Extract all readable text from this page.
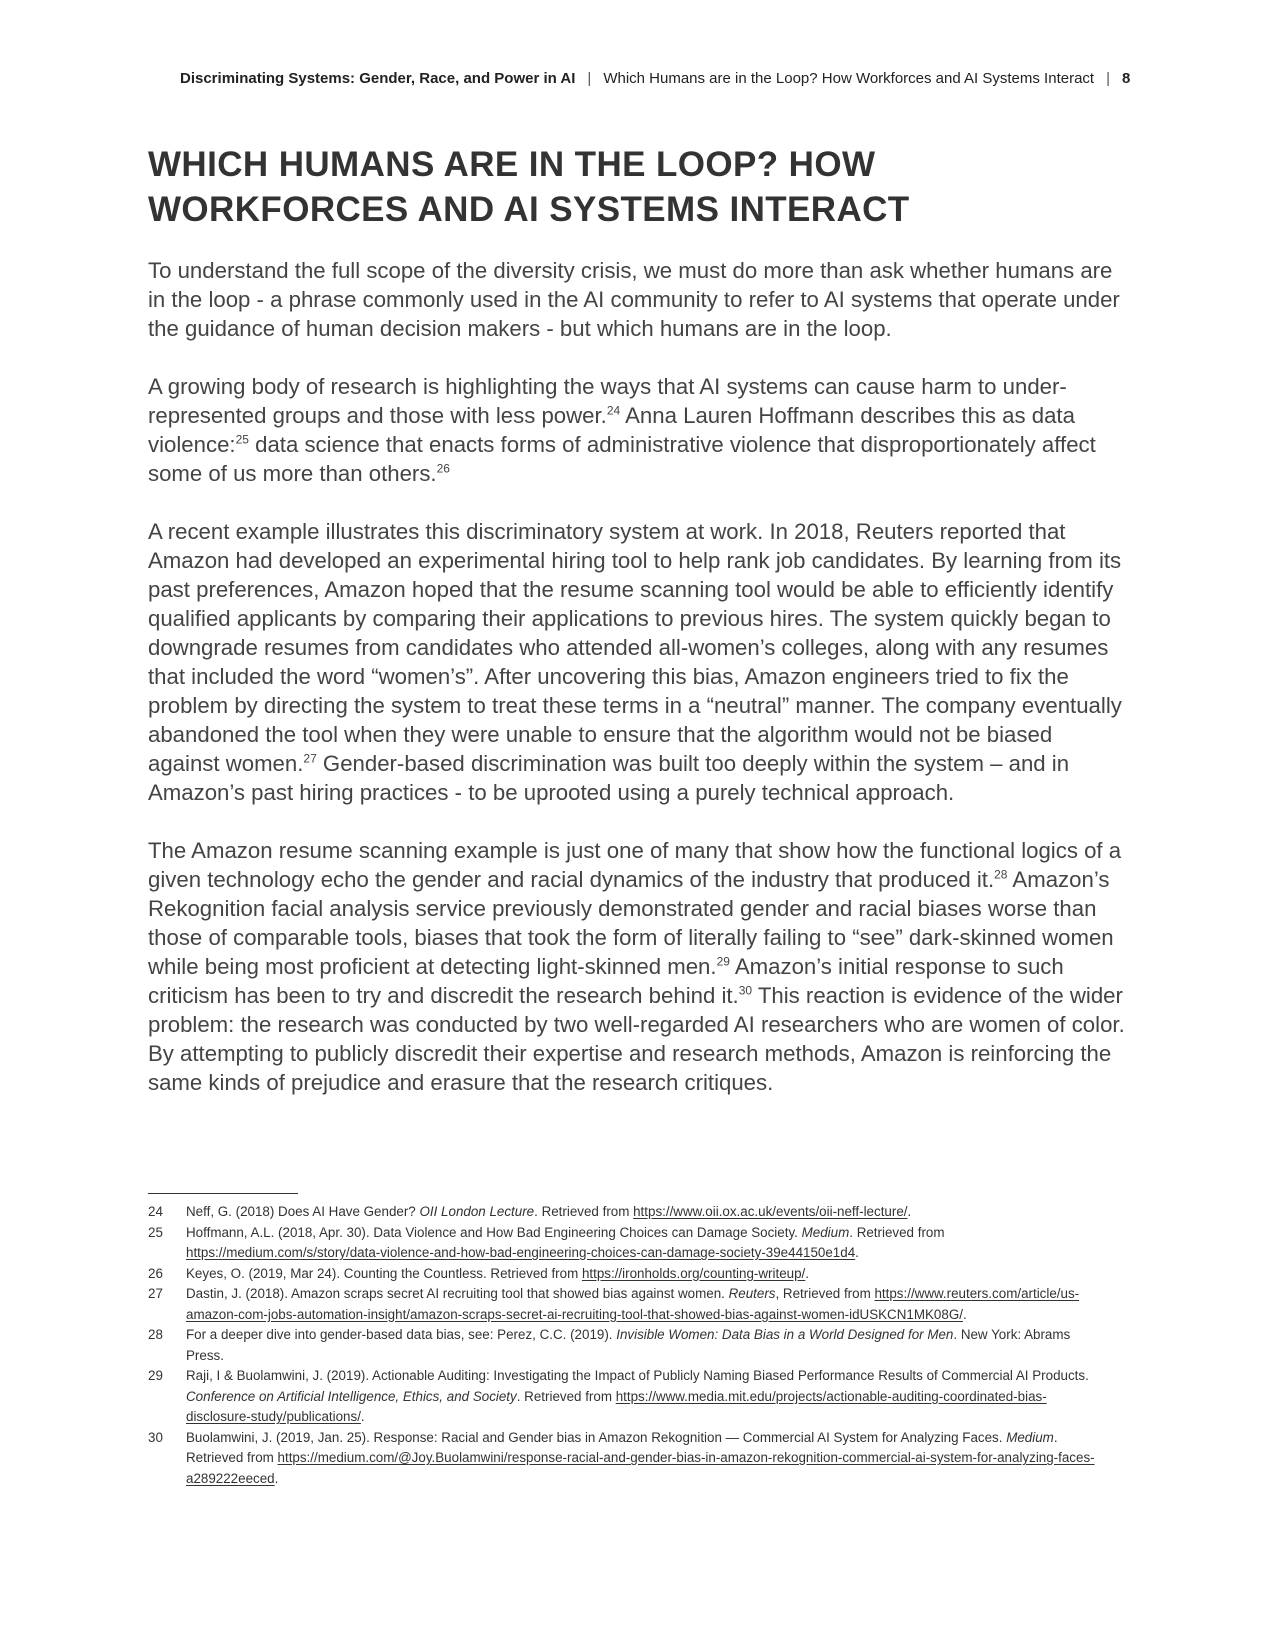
Discriminating Systems: Gender, Race, and Power in AI | Which Humans are in the Loop? How Workforces and AI Systems Interact | 8
WHICH HUMANS ARE IN THE LOOP? HOW
WORKFORCES AND AI SYSTEMS INTERACT

To understand the full scope of the diversity crisis, we must do more than ask whether humans are in the loop - a phrase commonly used in the AI community to refer to AI systems that operate under the guidance of human decision makers - but which humans are in the loop.

A growing body of research is highlighting the ways that AI systems can cause harm to under-represented groups and those with less power.$^{24}$ Anna Lauren Hoffmann describes this as data violence:$^{25}$ data science that enacts forms of administrative violence that disproportionately affect some of us more than others.$^{26}$

A recent example illustrates this discriminatory system at work. In 2018, Reuters reported that Amazon had developed an experimental hiring tool to help rank job candidates. By learning from its past preferences, Amazon hoped that the resume scanning tool would be able to efficiently identify qualified applicants by comparing their applications to previous hires. The system quickly began to downgrade resumes from candidates who attended all-women’s colleges, along with any resumes that included the word “women’s”. After uncovering this bias, Amazon engineers tried to fix the problem by directing the system to treat these terms in a “neutral” manner. The company eventually abandoned the tool when they were unable to ensure that the algorithm would not be biased against women.$^{27}$ Gender-based discrimination was built too deeply within the system – and in Amazon’s past hiring practices - to be uprooted using a purely technical approach.

The Amazon resume scanning example is just one of many that show how the functional logics of a given technology echo the gender and racial dynamics of the industry that produced it.$^{28}$ Amazon’s Rekognition facial analysis service previously demonstrated gender and racial biases worse than those of comparable tools, biases that took the form of literally failing to “see” dark-skinned women while being most proficient at detecting light-skinned men.$^{29}$ Amazon’s initial response to such criticism has been to try and discredit the research behind it.$^{30}$ This reaction is evidence of the wider problem: the research was conducted by two well-regarded AI researchers who are women of color. By attempting to publicly discredit their expertise and research methods, Amazon is reinforcing the same kinds of prejudice and erasure that the research critiques.

24	Neff, G. (2018) Does AI Have Gender? OII London Lecture. Retrieved from https://www.oii.ox.ac.uk/events/oii-neff-lecture/.
25	Hoffmann, A.L. (2018, Apr. 30). Data Violence and How Bad Engineering Choices can Damage Society. Medium. Retrieved from https://medium.com/s/story/data-violence-and-how-bad-engineering-choices-can-damage-society-39e44150e1d4.
26	Keyes, O. (2019, Mar 24). Counting the Countless. Retrieved from https://ironholds.org/counting-writeup/.
27	Dastin, J. (2018). Amazon scraps secret AI recruiting tool that showed bias against women. Reuters, Retrieved from https://www.reuters.com/article/us-amazon-com-jobs-automation-insight/amazon-scraps-secret-ai-recruiting-tool-that-showed-bias-against-women-idUSKCN1MK08G/.
28	For a deeper dive into gender-based data bias, see: Perez, C.C. (2019). Invisible Women: Data Bias in a World Designed for Men. New York: Abrams Press.
29	Raji, I & Buolamwini, J. (2019). Actionable Auditing: Investigating the Impact of Publicly Naming Biased Performance Results of Commercial AI Products. Conference on Artificial Intelligence, Ethics, and Society. Retrieved from https://www.media.mit.edu/projects/actionable-auditing-coordinated-bias-disclosure-study/publications/.
30	Buolamwini, J. (2019, Jan. 25). Response: Racial and Gender bias in Amazon Rekognition — Commercial AI System for Analyzing Faces. Medium. Retrieved from https://medium.com/@Joy.Buolamwini/response-racial-and-gender-bias-in-amazon-rekognition-commercial-ai-system-for-analyzing-faces-a289222eeced.
